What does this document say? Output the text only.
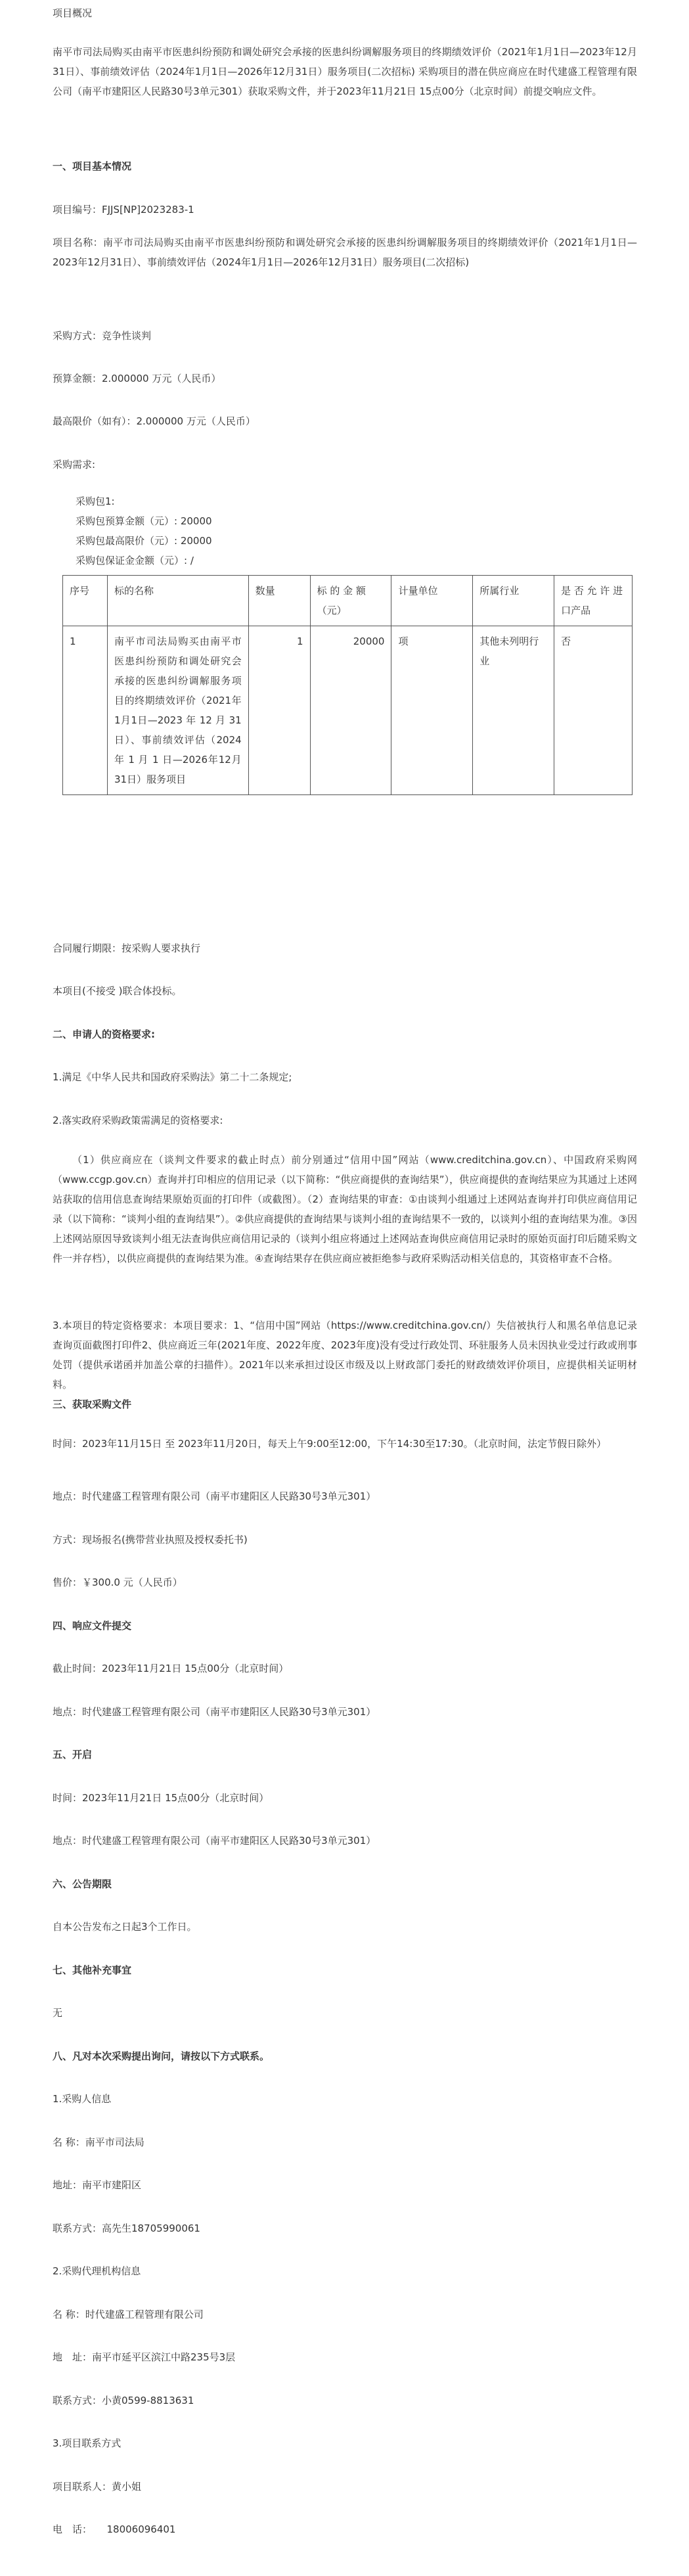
项目概况
南平市司法局购买由南平市医患纠纷预防和调处研究会承接的医患纠纷调解服务项目的终期绩效评价（2021年1月1日—2023年12月31日）、事前绩效评估（2024年1月1日—2026年12月31日）服务项目(二次招标) 采购项目的潜在供应商应在时代建盛工程管理有限公司（南平市建阳区人民路30号3单元301）获取采购文件，并于2023年11月21日 15点00分（北京时间）前提交响应文件。
一、项目基本情况
项目编号：FJJS[NP]2023283-1
项目名称：南平市司法局购买由南平市医患纠纷预防和调处研究会承接的医患纠纷调解服务项目的终期绩效评价（2021年1月1日—2023年12月31日）、事前绩效评估（2024年1月1日—2026年12月31日）服务项目(二次招标)
采购方式：竞争性谈判
预算金额：2.000000 万元（人民币）
最高限价（如有）：2.000000 万元（人民币）
采购需求:
采购包1:
采购包预算金额（元）: 20000
采购包最高限价（元）: 20000
采购包保证金金额（元）: /
序号	标的名称	数量	标 的 金 额（元）	计量单位	所属行业	是 否 允 许 进 口产品
1	南平市司法局购买由南平市医患纠纷预防和调处研究会承接的医患纠纷调解服务项目的终期绩效评价（2021年1月1日—2023 年 12 月 31日）、事前绩效评估（2024 年 1 月 1 日—2026年12月31日）服务项目	1	20000	项	其他未列明行业	否
合同履行期限：按采购人要求执行
本项目(不接受 )联合体投标。
二、申请人的资格要求:
1.满足《中华人民共和国政府采购法》第二十二条规定;
2.落实政府采购政策需满足的资格要求:
（1）供应商应在（谈判文件要求的截止时点）前分别通过“信用中国”网站（www.creditchina.gov.cn）、中国政府采购网（www.ccgp.gov.cn）查询并打印相应的信用记录（以下简称：“供应商提供的查询结果”），供应商提供的查询结果应为其通过上述网站获取的信用信息查询结果原始页面的打印件（或截图）。（2）查询结果的审查：①由谈判小组通过上述网站查询并打印供应商信用记录（以下简称：“谈判小组的查询结果”）。②供应商提供的查询结果与谈判小组的查询结果不一致的，以谈判小组的查询结果为准。③因上述网站原因导致谈判小组无法查询供应商信用记录的（谈判小组应将通过上述网站查询供应商信用记录时的原始页面打印后随采购文件一并存档），以供应商提供的查询结果为准。④查询结果存在供应商应被拒绝参与政府采购活动相关信息的，其资格审查不合格。
3.本项目的特定资格要求：本项目要求：1、“信用中国”网站（https://www.creditchina.gov.cn/）失信被执行人和黑名单信息记录查询页面截图打印件2、供应商近三年(2021年度、2022年度、2023年度)没有受过行政处罚、环驻服务人员未因执业受过行政或刑事处罚（提供承诺函并加盖公章的扫描件）。2021年以来承担过设区市级及以上财政部门委托的财政绩效评价项目，应提供相关证明材料。
三、获取采购文件
时间：2023年11月15日 至 2023年11月20日，每天上午9:00至12:00，下午14:30至17:30。（北京时间，法定节假日除外）
地点：时代建盛工程管理有限公司（南平市建阳区人民路30号3单元301）
方式：现场报名(携带营业执照及授权委托书)
售价：￥300.0 元（人民币）
四、响应文件提交
截止时间：2023年11月21日 15点00分（北京时间）
地点：时代建盛工程管理有限公司（南平市建阳区人民路30号3单元301）
五、开启
时间：2023年11月21日 15点00分（北京时间）
地点：时代建盛工程管理有限公司（南平市建阳区人民路30号3单元301）
六、公告期限
自本公告发布之日起3个工作日。
七、其他补充事宜
无
八、凡对本次采购提出询问，请按以下方式联系。
1.采购人信息
名 称：南平市司法局
地址：南平市建阳区
联系方式：高先生18705990061
2.采购代理机构信息
名 称：时代建盛工程管理有限公司
地　址：南平市延平区滨江中路235号3层
联系方式：小黄0599-8813631
3.项目联系方式
项目联系人：黄小姐
电　话：　　18006096401
